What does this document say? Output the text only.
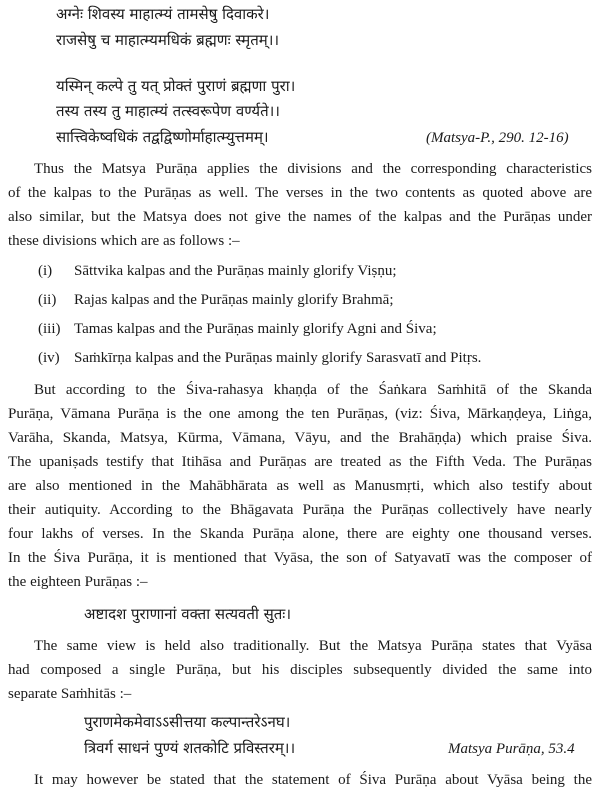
अग्नेः शिवस्य माहात्म्यं तामसेषु दिवाकरे।
राजसेषु च माहात्म्यमधिकं ब्रह्मणः स्मृतम्।।
यस्मिन् कल्पे तु यत् प्रोक्तं पुराणं ब्रह्मणा पुरा।
तस्य तस्य तु माहात्म्यं तत्स्वरूपेण वर्ण्यते।।
सात्त्विकेष्वधिकं तद्वद्विष्णोर्माहात्म्युत्तमम्।	(Matsya-P., 290. 12-16)
Thus the Matsya Purāṇa applies the divisions and the corresponding characteristics
of the kalpas to the Purāṇas as well. The verses in the two contents as quoted above are
also similar, but the Matsya does not give the names of the kalpas and the Purāṇas under
these divisions which are as follows :–
(i) Sāttvika kalpas and the Purāṇas mainly glorify Viṣṇu;
(ii) Rajas kalpas and the Purāṇas mainly glorify Brahmā;
(iii) Tamas kalpas and the Purāṇas mainly glorify Agni and Śiva;
(iv) Saṁkīrṇa kalpas and the Purāṇas mainly glorify Sarasvatī and Pitṛs.
But according to the Śiva-rahasya khaṇḍa of the Śaṅkara Saṁhitā of the Skanda
Purāṇa, Vāmana Purāṇa is the one among the ten Purāṇas, (viz: Śiva, Mārkaṇḍeya, Liṅga,
Varāha, Skanda, Matsya, Kūrma, Vāmana, Vāyu, and the Brahāṇḍa) which praise Śiva.
The upaniṣads testify that Itihāsa and Purāṇas are treated as the Fifth Veda. The Purāṇas
are also mentioned in the Mahābhārata as well as Manusmṛti, which also testify about
their autiquity. According to the Bhāgavata Purāṇa the Purāṇas collectively have nearly
four lakhs of verses. In the Skanda Purāṇa alone, there are eighty one thousand verses.
In the Śiva Purāṇa, it is mentioned that Vyāsa, the son of Satyavatī was the composer of
the eighteen Purāṇas :–
अष्टादश पुराणानां वक्ता सत्यवती सुतः।
The same view is held also traditionally. But the Matsya Purāṇa states that Vyāsa
had composed a single Purāṇa, but his disciples subsequently divided the same into
separate Saṁhitās :–
पुराणमेकमेवाऽऽसीत्तया कल्पान्तरेऽनघ।
त्रिवर्ग साधनं पुण्यं शतकोटि प्रविस्तरम्।।	Matsya Purāṇa, 53.4
It may however be stated that the statement of Śiva Purāṇa about Vyāsa being the
